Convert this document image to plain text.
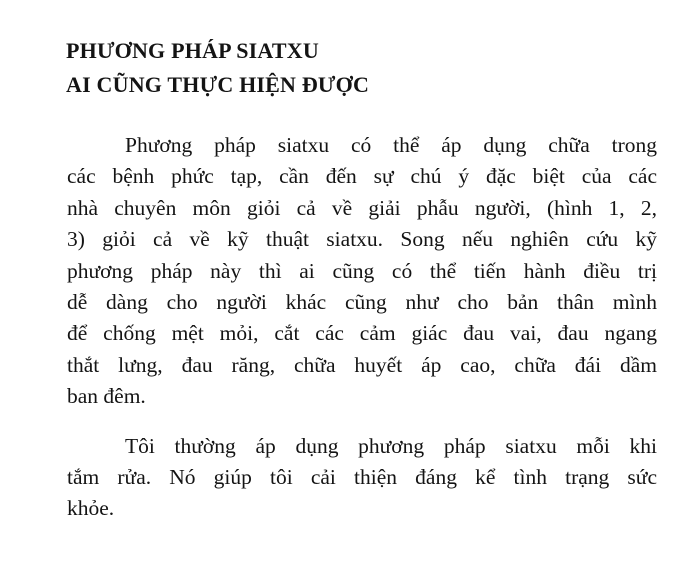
PHƯƠNG PHÁP SIATXU
AI CŨNG THỰC HIỆN ĐƯỢC

Phương pháp siatxu có thể áp dụng chữa trong
các bệnh phức tạp, cần đến sự chú ý đặc biệt của các
nhà chuyên môn giỏi cả về giải phẫu người, (hình 1, 2,
3) giỏi cả về kỹ thuật siatxu. Song nếu nghiên cứu kỹ
phương pháp này thì ai cũng có thể tiến hành điều trị
dễ dàng cho người khác cũng như cho bản thân mình
để chống mệt mỏi, cắt các cảm giác đau vai, đau ngang
thắt lưng, đau răng, chữa huyết áp cao, chữa đái dầm
ban đêm.

Tôi thường áp dụng phương pháp siatxu mỗi khi
tắm rửa. Nó giúp tôi cải thiện đáng kể tình trạng sức
khỏe.
